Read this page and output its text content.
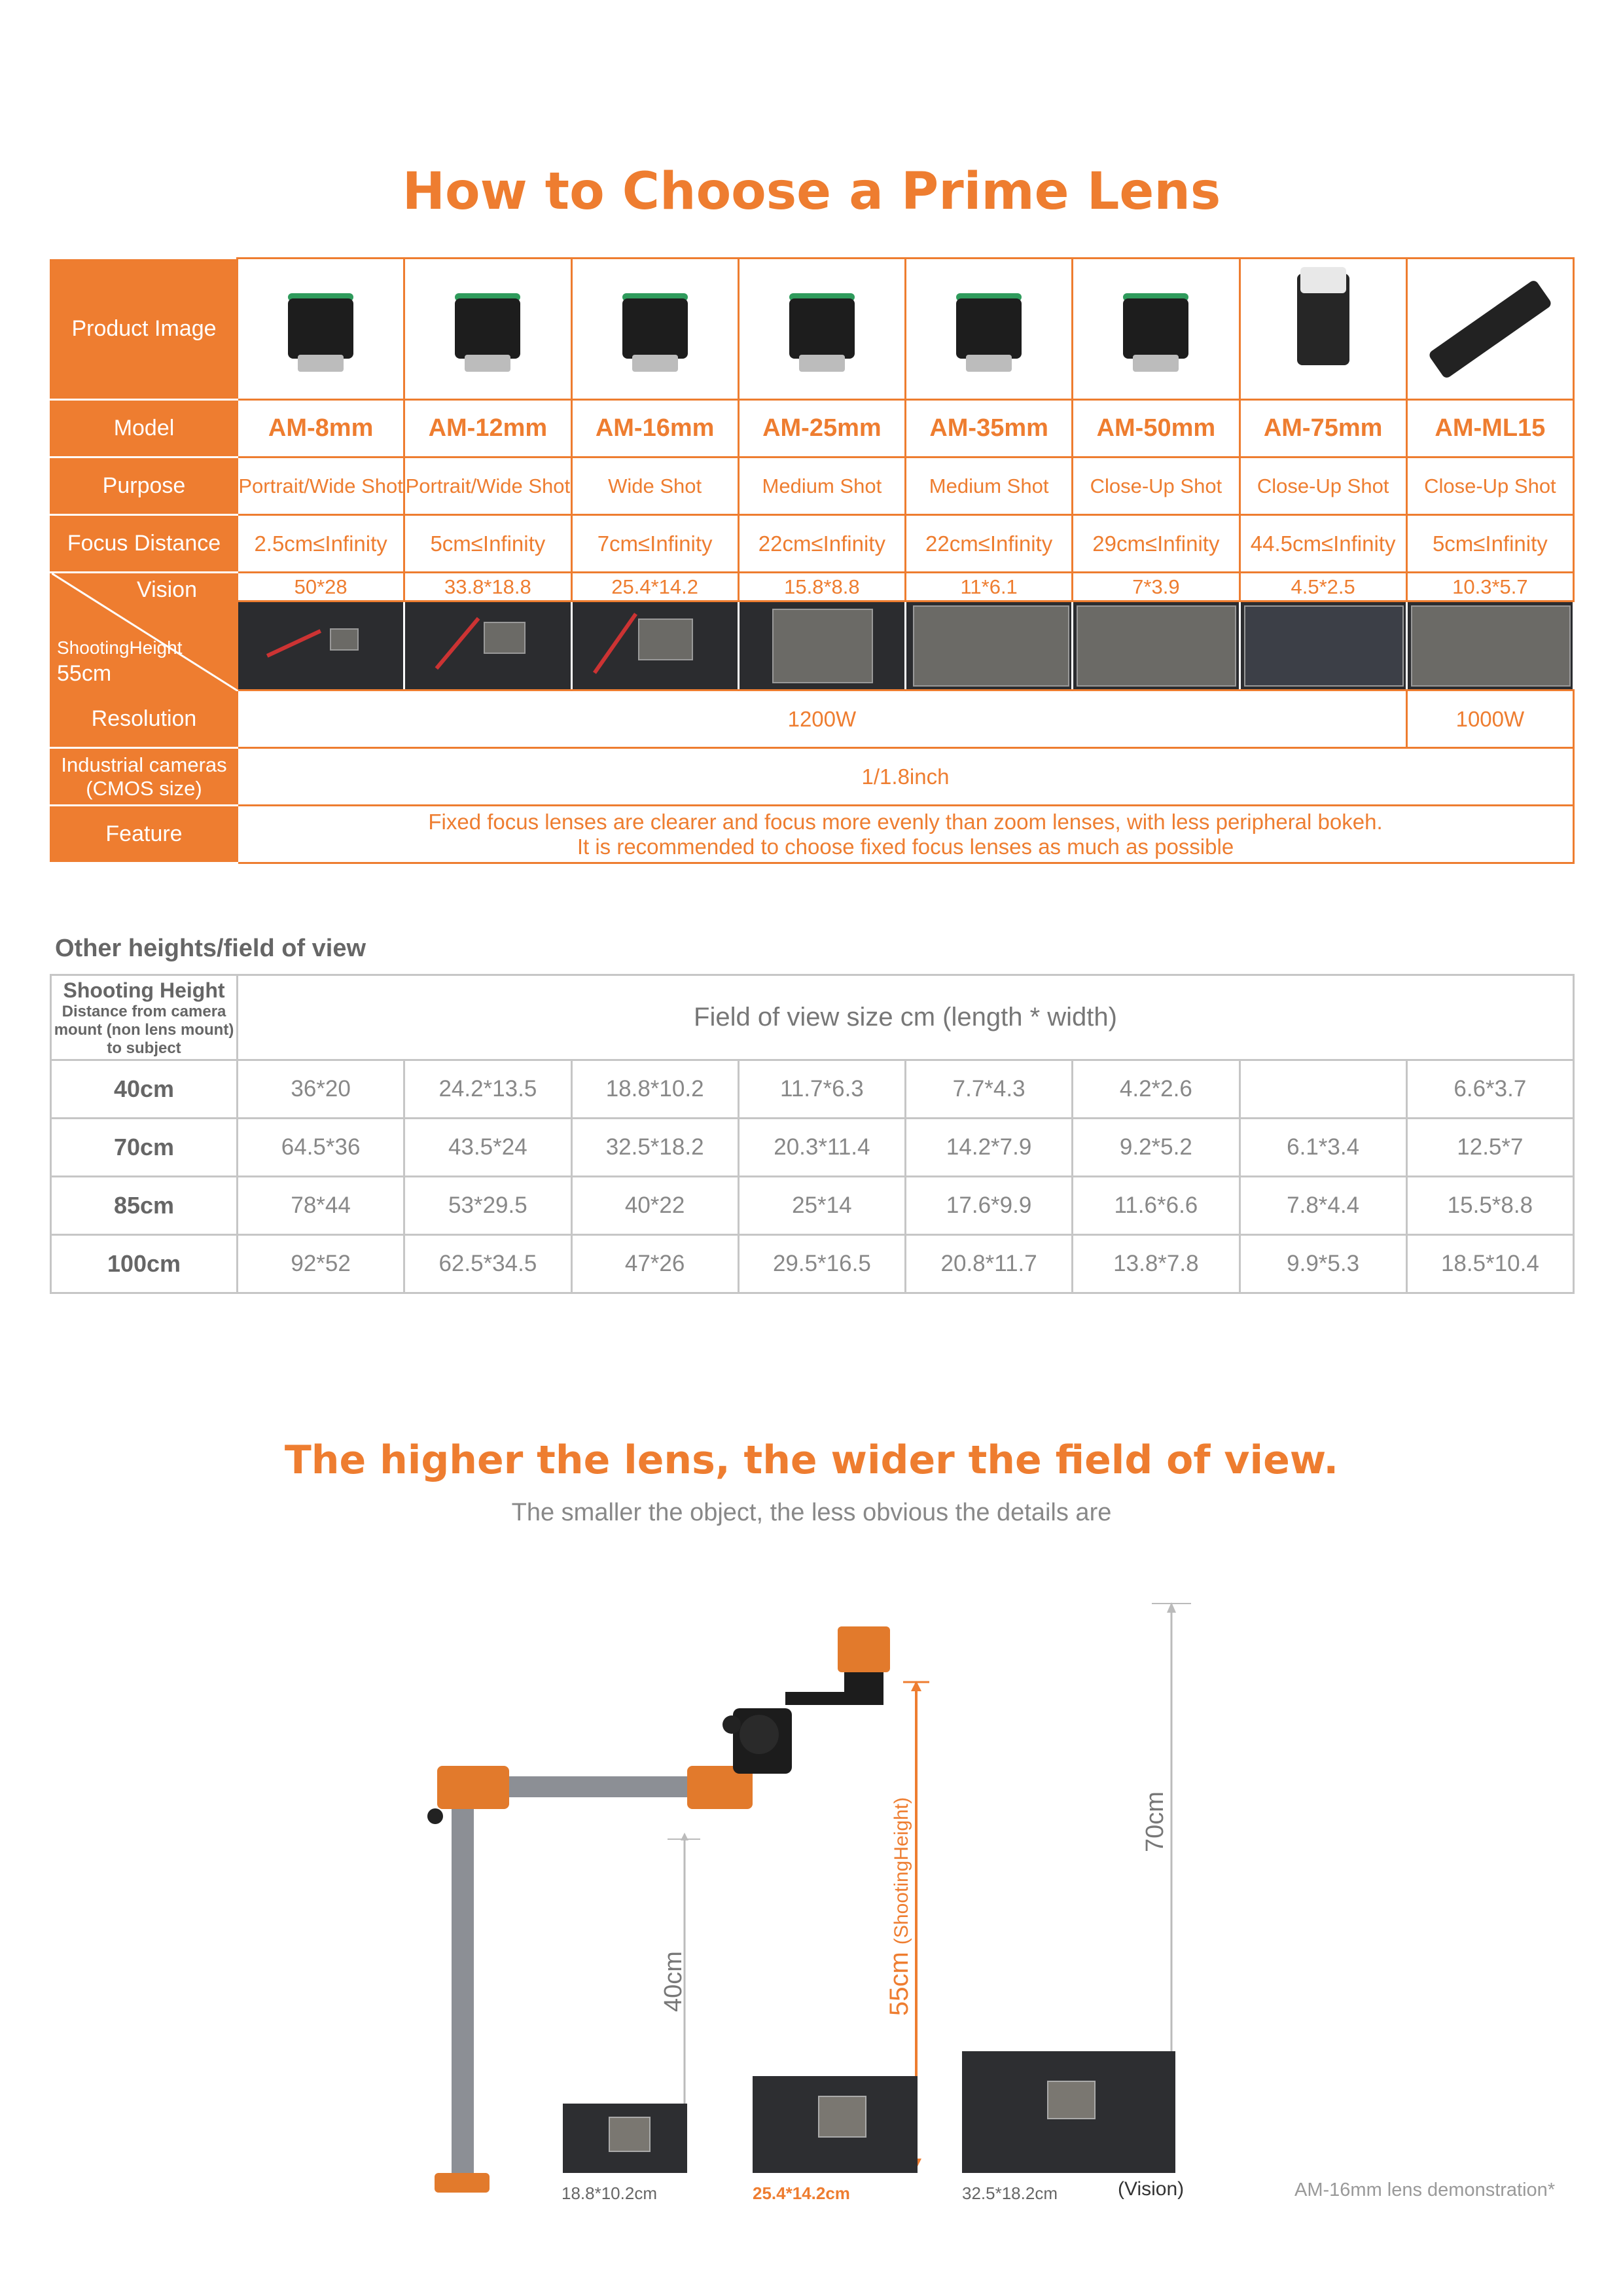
How to Choose a Prime Lens
Product Image	

Model	AM-8mm	AM-12mm	AM-16mm	AM-25mm	AM-35mm	AM-50mm	AM-75mm	AM-ML15
Purpose	Portrait/Wide Shot	Portrait/Wide Shot	Wide Shot	Medium Shot	Medium Shot	Close-Up Shot	Close-Up Shot	Close-Up Shot
Focus Distance	2.5cm≤Infinity	5cm≤Infinity	7cm≤Infinity	22cm≤Infinity	22cm≤Infinity	29cm≤Infinity	44.5cm≤Infinity	5cm≤Infinity

Vision
ShootingHeight
55cm	50*28	33.8*18.8	25.4*14.2	15.8*8.8	11*6.1	7*3.9	4.5*2.5	10.3*5.7

Resolution	1200W							1000W

Industrial cameras
(CMOS size)	1/1.8inch							
Feature	Fixed focus lenses are clearer and focus more evenly than zoom lenses, with less peripheral bokeh.
It is recommended to choose fixed focus lenses as much as possible							
Other heights/field of view
Shooting Height
Distance from camera mount (non lens mount) to subject	Field of view size cm (length * width)							
40cm	36*20	24.2*13.5	18.8*10.2	11.7*6.3	7.7*4.3	4.2*2.6		6.6*3.7
70cm	64.5*36	43.5*24	32.5*18.2	20.3*11.4	14.2*7.9	9.2*5.2	6.1*3.4	12.5*7
85cm	78*44	53*29.5	40*22	25*14	17.6*9.9	11.6*6.6	7.8*4.4	15.5*8.8
100cm	92*52	62.5*34.5	47*26	29.5*16.5	20.8*11.7	13.8*7.8	9.9*5.3	18.5*10.4
The higher the lens, the wider the field of view.
The smaller the object, the less obvious the details are
40cm	55cm (ShootingHeight)	70cm
18.8*10.2cm	25.4*14.2cm	32.5*18.2cm	(Vision)	AM-16mm lens demonstration*
